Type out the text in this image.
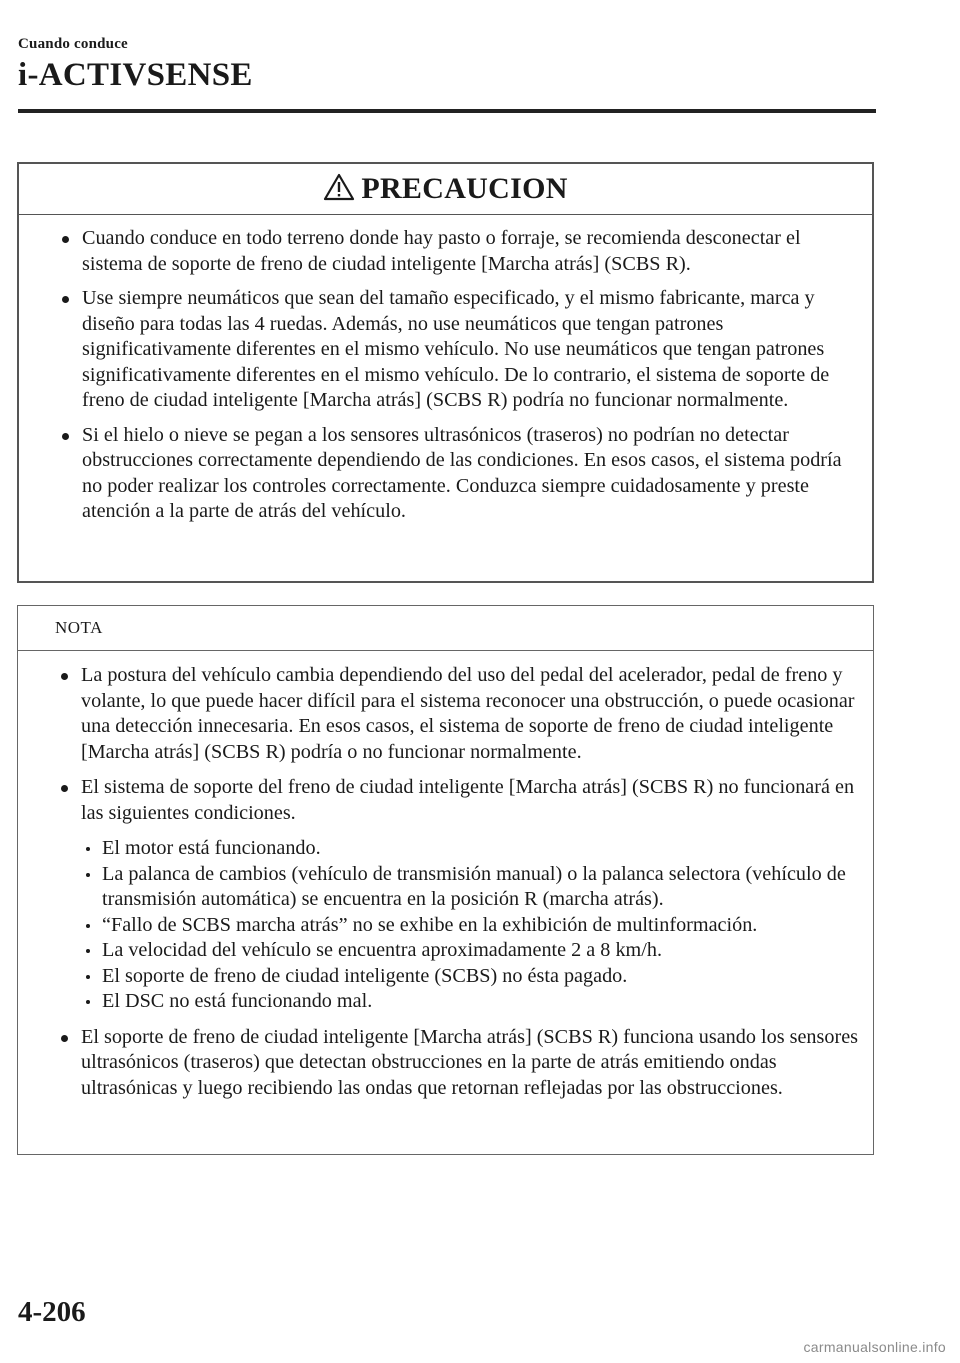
Cuando conduce
i-ACTIVSENSE
PRECAUCION
Cuando conduce en todo terreno donde hay pasto o forraje, se recomienda desconectar el sistema de soporte de freno de ciudad inteligente [Marcha atrás] (SCBS R).
Use siempre neumáticos que sean del tamaño especificado, y el mismo fabricante, marca y diseño para todas las 4 ruedas. Además, no use neumáticos que tengan patrones significativamente diferentes en el mismo vehículo. No use neumáticos que tengan patrones significativamente diferentes en el mismo vehículo. De lo contrario, el sistema de soporte de freno de ciudad inteligente [Marcha atrás] (SCBS R) podría no funcionar normalmente.
Si el hielo o nieve se pegan a los sensores ultrasónicos (traseros) no podrían no detectar obstrucciones correctamente dependiendo de las condiciones. En esos casos, el sistema podría no poder realizar los controles correctamente. Conduzca siempre cuidadosamente y preste atención a la parte de atrás del vehículo.
NOTA
La postura del vehículo cambia dependiendo del uso del pedal del acelerador, pedal de freno y volante, lo que puede hacer difícil para el sistema reconocer una obstrucción, o puede ocasionar una detección innecesaria. En esos casos, el sistema de soporte de freno de ciudad inteligente [Marcha atrás] (SCBS R) podría o no funcionar normalmente.
El sistema de soporte del freno de ciudad inteligente [Marcha atrás] (SCBS R) no funcionará en las siguientes condiciones.
El motor está funcionando.
La palanca de cambios (vehículo de transmisión manual) o la palanca selectora (vehículo de transmisión automática) se encuentra en la posición R (marcha atrás).
“Fallo de SCBS marcha atrás” no se exhibe en la exhibición de multinformación.
La velocidad del vehículo se encuentra aproximadamente 2 a 8 km/h.
El soporte de freno de ciudad inteligente (SCBS) no ésta pagado.
El DSC no está funcionando mal.
El soporte de freno de ciudad inteligente [Marcha atrás] (SCBS R) funciona usando los sensores ultrasónicos (traseros) que detectan obstrucciones en la parte de atrás emitiendo ondas ultrasónicas y luego recibiendo las ondas que retornan reflejadas por las obstrucciones.
4-206
carmanualsonline.info
